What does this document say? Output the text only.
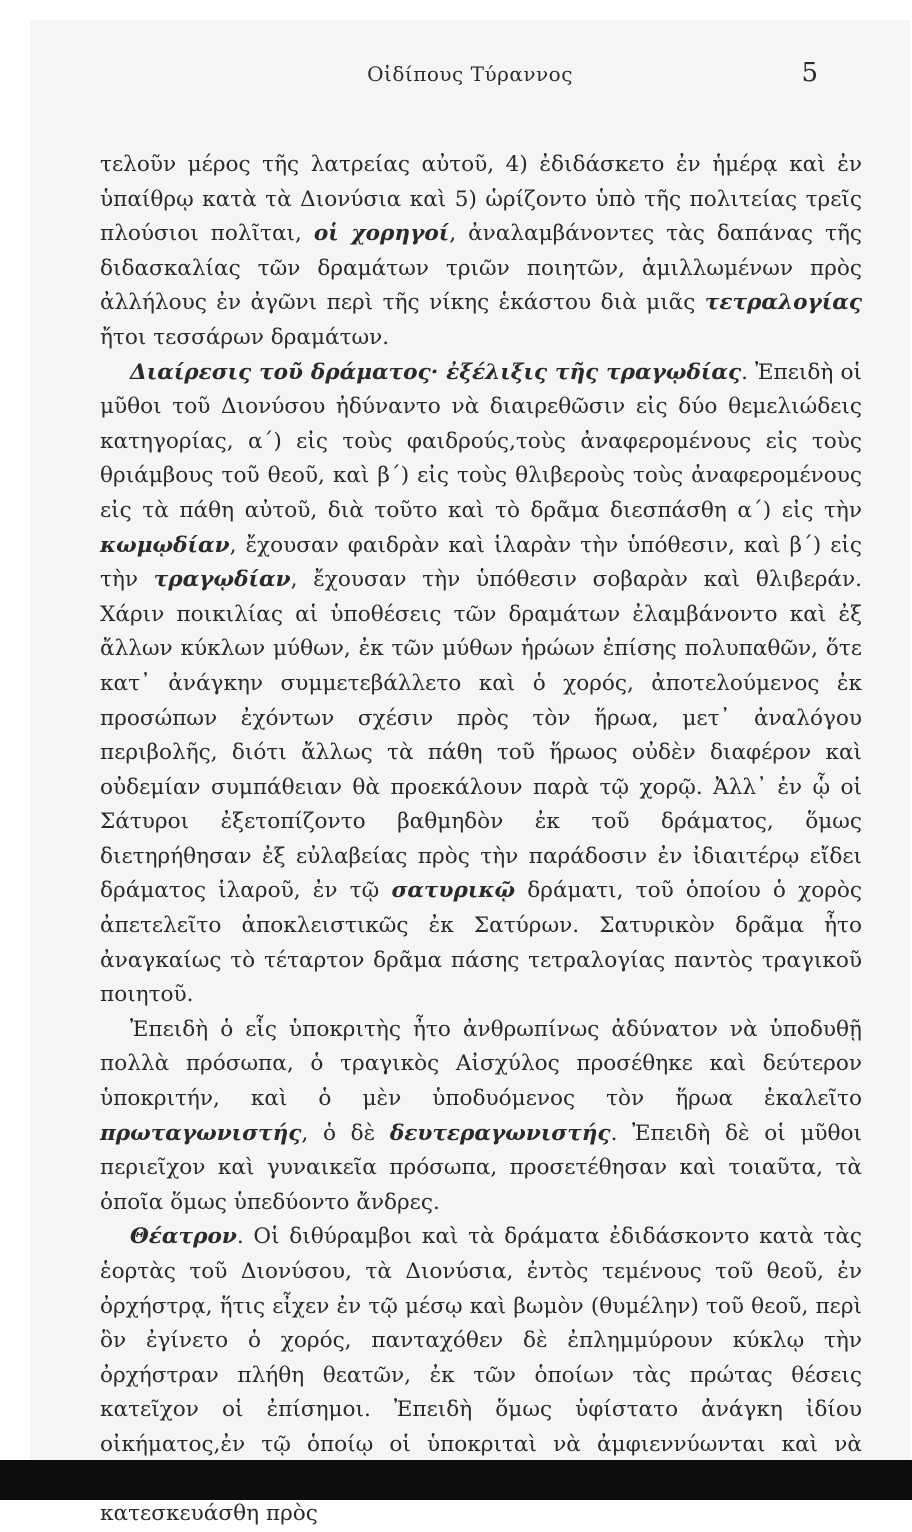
Οἰδίπους Τύραννος	5

τελοῦν μέρος τῆς λατρείας αὐτοῦ, 4) ἐδιδάσκετο ἐν ἡμέρᾳ καὶ ἐν ὑπαίθρῳ κατὰ τὰ Διονύσια καὶ 5) ὡρίζοντο ὑπὸ τῆς πολιτείας τρεῖς πλούσιοι πολῖται, οἱ χορηγοί, ἀναλαμβάνοντες τὰς δαπάνας τῆς διδασκαλίας τῶν δραμάτων τριῶν ποιητῶν, ἁμιλλωμένων πρὸς ἀλλήλους ἐν ἀγῶνι περὶ τῆς νίκης ἑκάστου διὰ μιᾶς τετραλογίας ἤτοι τεσσάρων δραμάτων.

Διαίρεσις τοῦ δράματος· ἐξέλιξις τῆς τραγῳδίας. Ἐπειδὴ οἱ μῦθοι τοῦ Διονύσου ἠδύναντο νὰ διαιρεθῶσιν εἰς δύο θεμελιώδεις κατηγορίας, α΄) εἰς τοὺς φαιδρούς,τοὺς ἀναφερομένους εἰς τοὺς θριάμβους τοῦ θεοῦ, καὶ β΄) εἰς τοὺς θλιβεροὺς τοὺς ἀναφερομένους εἰς τὰ πάθη αὐτοῦ, διὰ τοῦτο καὶ τὸ δρᾶμα διεσπάσθη α΄) εἰς τὴν κωμῳδίαν, ἔχουσαν φαιδρὰν καὶ ἱλαρὰν τὴν ὑπόθεσιν, καὶ β΄) εἰς τὴν τραγῳδίαν, ἔχουσαν τὴν ὑπόθεσιν σοβαρὰν καὶ θλιβεράν. Χάριν ποικιλίας αἱ ὑποθέσεις τῶν δραμάτων ἐλαμβάνοντο καὶ ἐξ ἄλλων κύκλων μύθων, ἐκ τῶν μύθων ἡρώων ἐπίσης πολυπαθῶν, ὅτε κατ᾽ ἀνάγκην συμμετεβάλλετο καὶ ὁ χορός, ἀποτελούμενος ἐκ προσώπων ἐχόντων σχέσιν πρὸς τὸν ἥρωα, μετ᾽ ἀναλόγου περιβολῆς, διότι ἄλλως τὰ πάθη τοῦ ἥρωος οὐδὲν διαφέρον καὶ οὐδεμίαν συμπάθειαν θὰ προεκάλουν παρὰ τῷ χορῷ. Ἀλλ᾽ ἐν ᾧ οἱ Σάτυροι ἐξετοπίζοντο βαθμηδὸν ἐκ τοῦ δράματος, ὅμως διετηρήθησαν ἐξ εὐλαβείας πρὸς τὴν παράδοσιν ἐν ἰδιαιτέρῳ εἴδει δράματος ἱλαροῦ, ἐν τῷ σατυρικῷ δράματι, τοῦ ὁποίου ὁ χορὸς ἀπετελεῖτο ἀποκλειστικῶς ἐκ Σατύρων. Σατυρικὸν δρᾶμα ἦτο ἀναγκαίως τὸ τέταρτον δρᾶμα πάσης τετραλογίας παντὸς τραγικοῦ ποιητοῦ.

Ἐπειδὴ ὁ εἷς ὑποκριτὴς ἦτο ἀνθρωπίνως ἀδύνατον νὰ ὑποδυθῇ πολλὰ πρόσωπα, ὁ τραγικὸς Αἰσχύλος προσέθηκε καὶ δεύτερον ὑποκριτήν, καὶ ὁ μὲν ὑποδυόμενος τὸν ἥρωα ἐκαλεῖτο πρωταγωνιστής, ὁ δὲ δευτεραγωνιστής. Ἐπειδὴ δὲ οἱ μῦθοι περιεῖχον καὶ γυναικεῖα πρόσωπα, προσετέθησαν καὶ τοιαῦτα, τὰ ὁποῖα ὅμως ὑπεδύοντο ἄνδρες.

Θέατρον. Οἱ διθύραμβοι καὶ τὰ δράματα ἐδιδάσκοντο κατὰ τὰς ἑορτὰς τοῦ Διονύσου, τὰ Διονύσια, ἐντὸς τεμένους τοῦ θεοῦ, ἐν ὀρχήστρᾳ, ἥτις εἶχεν ἐν τῷ μέσῳ καὶ βωμὸν (θυμέλην) τοῦ θεοῦ, περὶ ὃν ἐγίνετο ὁ χορός, πανταχόθεν δὲ ἐπλημμύρουν κύκλῳ τὴν ὀρχήστραν πλήθη θεατῶν, ἐκ τῶν ὁποίων τὰς πρώτας θέσεις κατεῖχον οἱ ἐπίσημοι. Ἐπειδὴ ὅμως ὑφίστατο ἀνάγκη ἰδίου οἰκήματος,ἐν τῷ ὁποίῳ οἱ ὑποκριταὶ νὰ ἀμφιεννύωνται καὶ νὰ κατεσκευάσθη πρὸς
